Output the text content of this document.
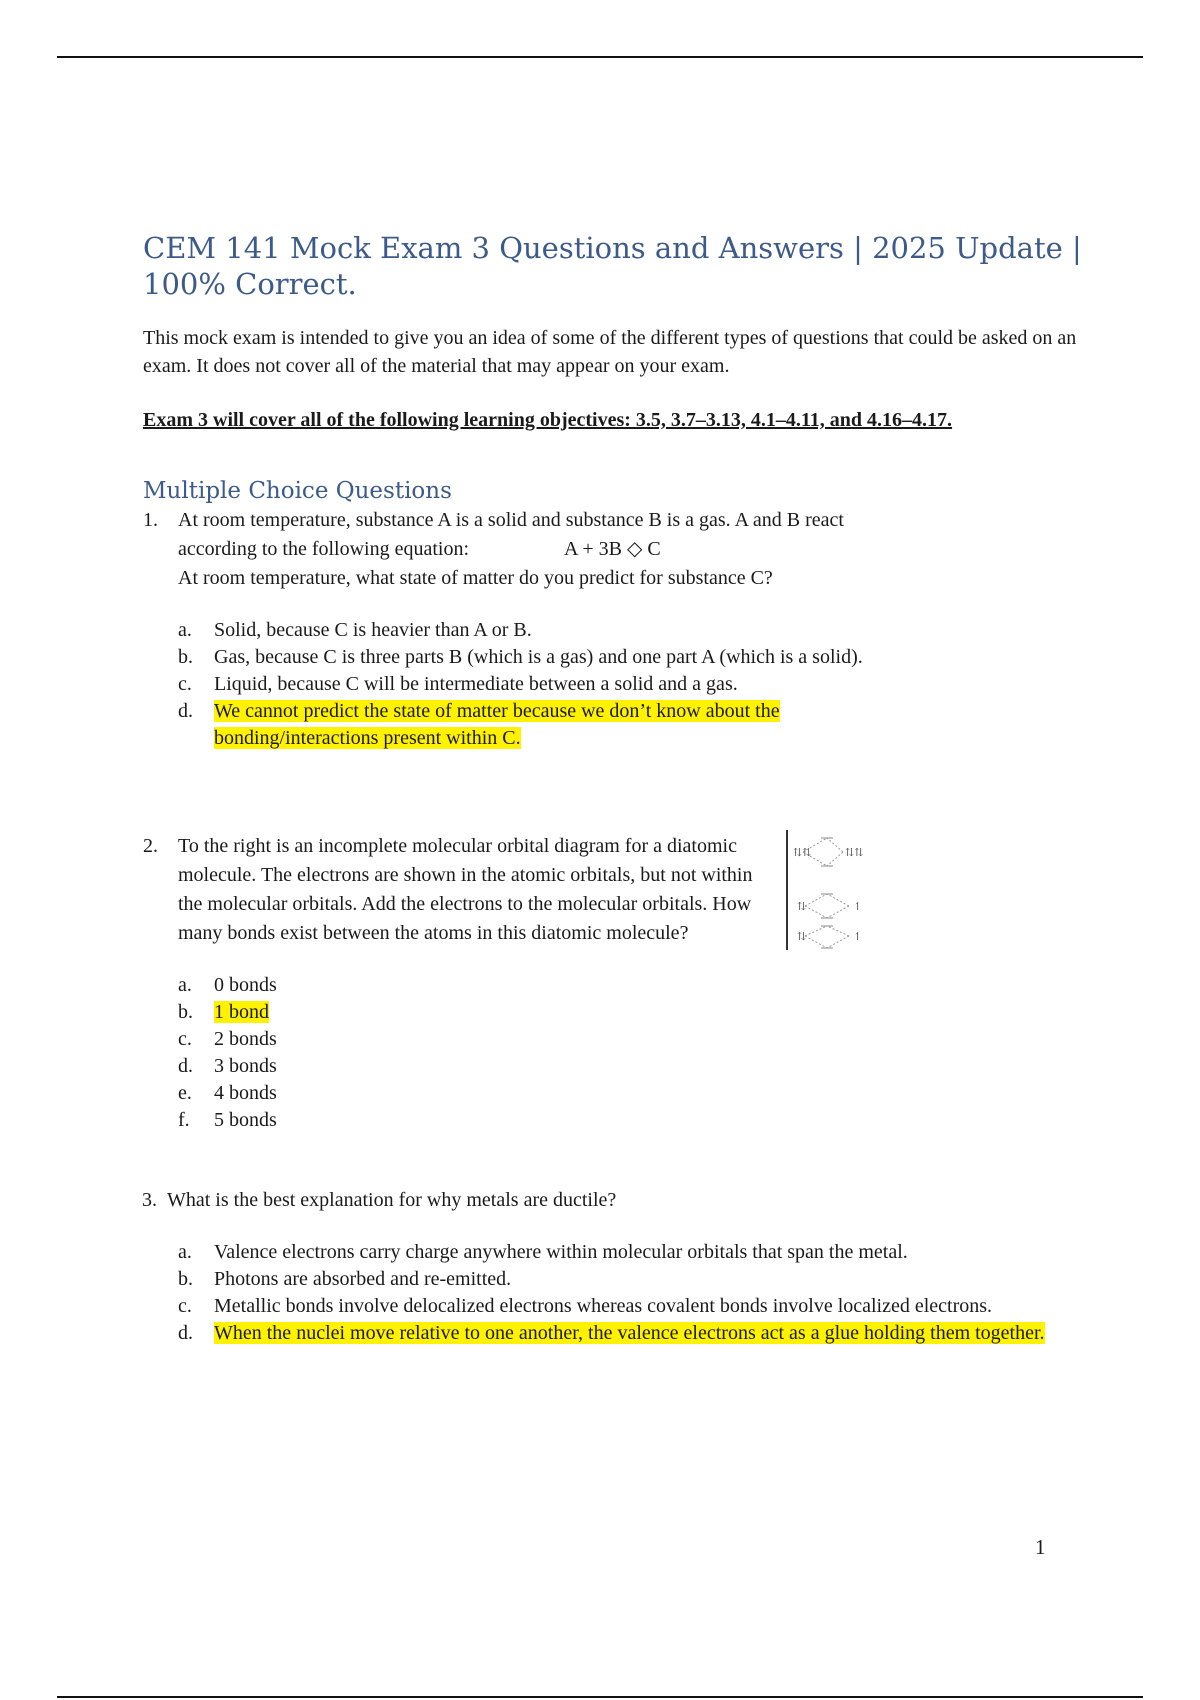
CEM 141 Mock Exam 3 Questions and Answers | 2025 Update | 100% Correct.
This mock exam is intended to give you an idea of some of the different types of questions that could be asked on an exam. It does not cover all of the material that may appear on your exam.
Exam 3 will cover all of the following learning objectives: 3.5, 3.7–3.13, 4.1–4.11, and 4.16–4.17.
Multiple Choice Questions
1. At room temperature, substance A is a solid and substance B is a gas. A and B react
according to the following equation:	A + 3B ◇ C
At room temperature, what state of matter do you predict for substance C?
a. Solid, because C is heavier than A or B.
b. Gas, because C is three parts B (which is a gas) and one part A (which is a solid).
c. Liquid, because C will be intermediate between a solid and a gas.
d. We cannot predict the state of matter because we don’t know about the bonding/interactions present within C.
2. To the right is an incomplete molecular orbital diagram for a diatomic molecule. The electrons are shown in the atomic orbitals, but not within the molecular orbitals. Add the electrons to the molecular orbitals. How many bonds exist between the atoms in this diatomic molecule?
⇅⇅	⇅⇅
⇅	↿
⇅	↿
a. 0 bonds
b. 1 bond
c. 2 bonds
d. 3 bonds
e. 4 bonds
f. 5 bonds
3. What is the best explanation for why metals are ductile?
a. Valence electrons carry charge anywhere within molecular orbitals that span the metal.
b. Photons are absorbed and re-emitted.
c. Metallic bonds involve delocalized electrons whereas covalent bonds involve localized electrons.
d. When the nuclei move relative to one another, the valence electrons act as a glue holding them together.
1
